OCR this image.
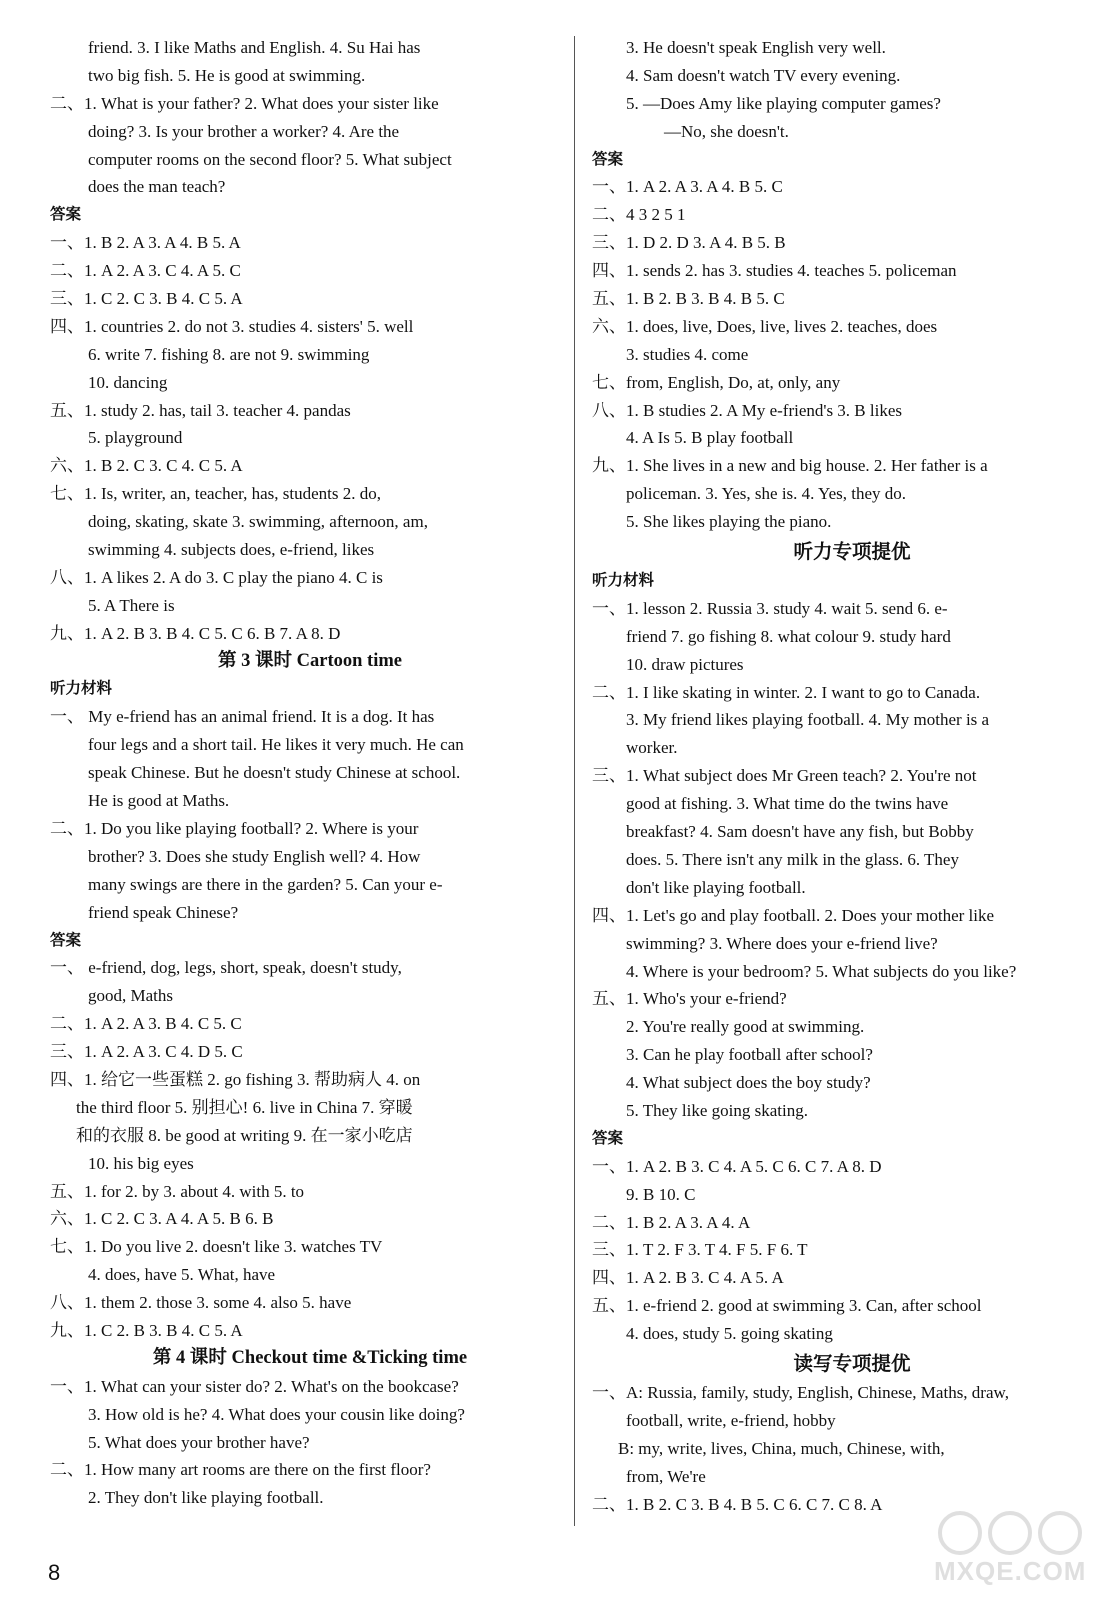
friend. 3. I like Maths and English. 4. Su Hai has
two big fish. 5. He is good at swimming.
二、1. What is your father? 2. What does your sister like
doing? 3. Is your brother a worker? 4. Are the
computer rooms on the second floor? 5. What subject
does the man teach?
答案
一、1. B 2. A 3. A 4. B 5. A
二、1. A 2. A 3. C 4. A 5. C
三、1. C 2. C 3. B 4. C 5. A
四、1. countries 2. do not 3. studies 4. sisters' 5. well
6. write 7. fishing 8. are not 9. swimming
10. dancing
五、1. study 2. has, tail 3. teacher 4. pandas
5. playground
六、1. B 2. C 3. C 4. C 5. A
七、1. Is, writer, an, teacher, has, students 2. do,
doing, skating, skate 3. swimming, afternoon, am,
swimming 4. subjects does, e-friend, likes
八、1. A likes 2. A do 3. C play the piano 4. C is
5. A There is
九、1. A 2. B 3. B 4. C 5. C 6. B 7. A 8. D
第 3 课时 Cartoon time
听力材料
一、 My e-friend has an animal friend. It is a dog. It has
four legs and a short tail. He likes it very much. He can
speak Chinese. But he doesn't study Chinese at school.
He is good at Maths.
二、1. Do you like playing football? 2. Where is your
brother? 3. Does she study English well? 4. How
many swings are there in the garden? 5. Can your e-
friend speak Chinese?
答案
一、 e-friend, dog, legs, short, speak, doesn't study,
good, Maths
二、1. A 2. A 3. B 4. C 5. C
三、1. A 2. A 3. C 4. D 5. C
四、1. 给它一些蛋糕 2. go fishing 3. 帮助病人 4. on
the third floor 5. 别担心! 6. live in China 7. 穿暖
和的衣服 8. be good at writing 9. 在一家小吃店
10. his big eyes
五、1. for 2. by 3. about 4. with 5. to
六、1. C 2. C 3. A 4. A 5. B 6. B
七、1. Do you live 2. doesn't like 3. watches TV
4. does, have 5. What, have
八、1. them 2. those 3. some 4. also 5. have
九、1. C 2. B 3. B 4. C 5. A
第 4 课时 Checkout time &Ticking time
一、1. What can your sister do? 2. What's on the bookcase?
3. How old is he? 4. What does your cousin like doing?
5. What does your brother have?
二、1. How many art rooms are there on the first floor?
2. They don't like playing football.
3. He doesn't speak English very well.
4. Sam doesn't watch TV every evening.
5. —Does Amy like playing computer games?
—No, she doesn't.
答案
一、1. A 2. A 3. A 4. B 5. C
二、4 3 2 5 1
三、1. D 2. D 3. A 4. B 5. B
四、1. sends 2. has 3. studies 4. teaches 5. policeman
五、1. B 2. B 3. B 4. B 5. C
六、1. does, live, Does, live, lives 2. teaches, does
3. studies 4. come
七、from, English, Do, at, only, any
八、1. B studies 2. A My e-friend's 3. B likes
4. A Is 5. B play football
九、1. She lives in a new and big house. 2. Her father is a
policeman. 3. Yes, she is. 4. Yes, they do.
5. She likes playing the piano.
听力专项提优
听力材料
一、1. lesson 2. Russia 3. study 4. wait 5. send 6. e-
friend 7. go fishing 8. what colour 9. study hard
10. draw pictures
二、1. I like skating in winter. 2. I want to go to Canada.
3. My friend likes playing football. 4. My mother is a
worker.
三、1. What subject does Mr Green teach? 2. You're not
good at fishing. 3. What time do the twins have
breakfast? 4. Sam doesn't have any fish, but Bobby
does. 5. There isn't any milk in the glass. 6. They
don't like playing football.
四、1. Let's go and play football. 2. Does your mother like
swimming? 3. Where does your e-friend live?
4. Where is your bedroom? 5. What subjects do you like?
五、1. Who's your e-friend?
2. You're really good at swimming.
3. Can he play football after school?
4. What subject does the boy study?
5. They like going skating.
答案
一、1. A 2. B 3. C 4. A 5. C 6. C 7. A 8. D
9. B 10. C
二、1. B 2. A 3. A 4. A
三、1. T 2. F 3. T 4. F 5. F 6. T
四、1. A 2. B 3. C 4. A 5. A
五、1. e-friend 2. good at swimming 3. Can, after school
4. does, study 5. going skating
读写专项提优
一、A: Russia, family, study, English, Chinese, Maths, draw,
football, write, e-friend, hobby
B: my, write, lives, China, much, Chinese, with,
from, We're
二、1. B 2. C 3. B 4. B 5. C 6. C 7. C 8. A
8	MXQE.COM
